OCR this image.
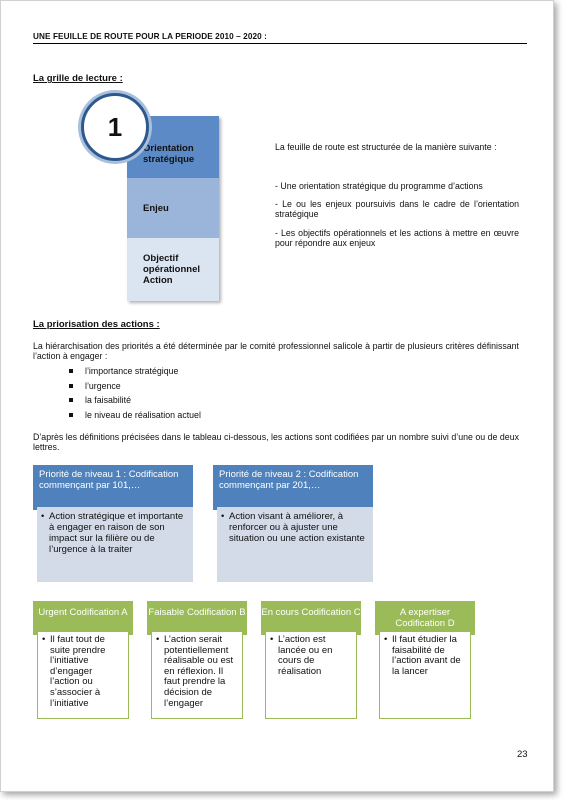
UNE FEUILLE DE ROUTE POUR LA PERIODE 2010 – 2020 :
La grille de lecture :
1
Orientation stratégique
Enjeu
Objectif opérationnel Action
La feuille de route est structurée de la manière suivante :
- Une orientation stratégique du programme d’actions
- Le ou les enjeux poursuivis dans le cadre de l’orientation stratégique
- Les objectifs opérationnels et les actions à mettre en œuvre pour répondre aux enjeux
La priorisation des actions :
La hiérarchisation des priorités a été déterminée par le comité professionnel salicole à partir de plusieurs critères définissant l’action à engager :
l’importance stratégique
l’urgence
la faisabilité
le niveau de réalisation actuel
D’après les définitions précisées dans le tableau ci-dessous, les actions sont codifiées par un nombre suivi d’une ou de deux lettres.
Priorité de niveau 1 : Codification commençant par 101,…
• Action stratégique et importante à engager en raison de son impact sur la filière ou de l’urgence à la traiter
Priorité de niveau 2 : Codification commençant par 201,…
• Action visant à améliorer, à renforcer ou à ajuster une situation ou une action existante
Urgent Codification A
• Il faut tout de suite prendre l’initiative d’engager l’action ou s’associer à l’initiative
Faisable Codification B
• L’action serait potentiellement réalisable ou est en réflexion. Il faut prendre la décision de l’engager
En cours Codification C
• L’action est lancée ou en cours de réalisation
A expertiser Codification D
• Il faut étudier la faisabilité de l’action avant de la lancer
23
